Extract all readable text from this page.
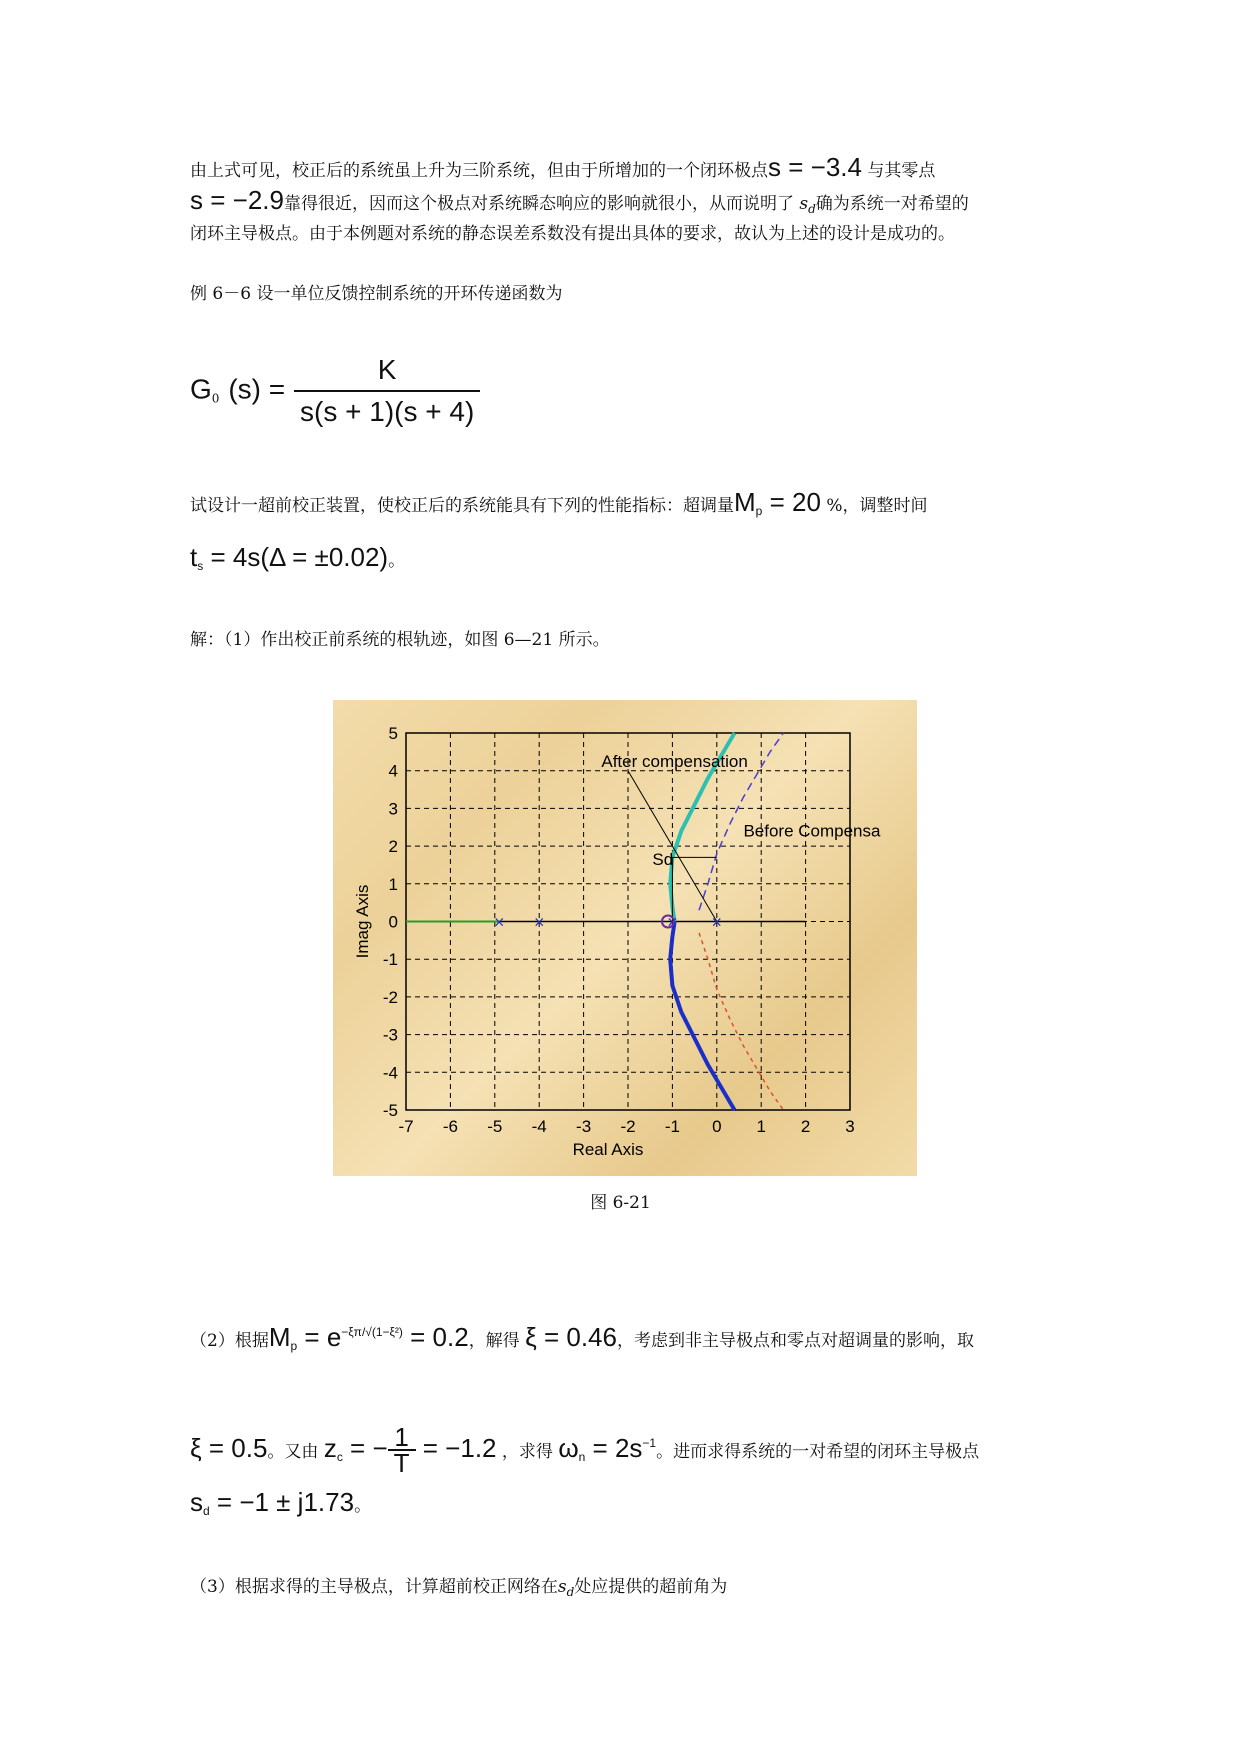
由上式可见，校正后的系统虽上升为三阶系统，但由于所增加的一个闭环极点s = −3.4 与其零点
s = −2.9靠得很近，因而这个极点对系统瞬态响应的影响就很小，从而说明了 $s_d$确为系统一对希望的
闭环主导极点。由于本例题对系统的静态误差系数没有提出具体的要求，故认为上述的设计是成功的。
例 6－6 设一单位反馈控制系统的开环传递函数为
$G_0$ $(s) = \frac{K}{s(s + 1)(s + 4)}$
试设计一超前校正装置，使校正后的系统能具有下列的性能指标：超调量$M_p = 20$ %，调整时间
$t_s = 4s(\Delta = \pm 0.02)$。
解：（1）作出校正前系统的根轨迹，如图 6—21 所示。
-7 -6 -5 -4 -3 -2 -1 0 1 2 3
5
4
3
2
1
0
-1
-2
-3
-4
-5
Real Axis
Imag Axis	×
×
×
×
After compensation
Before Compensa
Sd
图 6-21
（2）根据$M_p = e^{-\xi\pi/√(1-\xi^2)} = 0.2$，解得 ξ = 0.46，考虑到非主导极点和零点对超调量的影响，取
ξ = 0.5。又由 $z_c$ = − $\frac{1}{T} = -1.2$ ，求得 $\omega_n = 2s^{-1}$。进而求得系统的一对希望的闭环主导极点
$s_d = -1 \pm j1.73$。
（3）根据求得的主导极点，计算超前校正网络在$s_d$处应提供的超前角为
